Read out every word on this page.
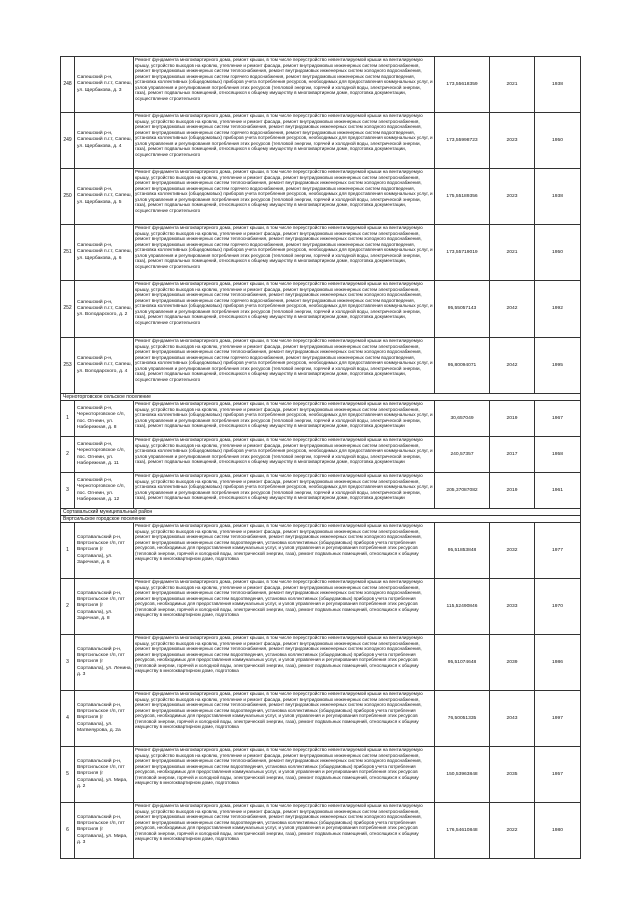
248	Сапешский р-н, Сапешский п.г.т, Сапеш, ул. Щербакова, д. 3	Ремонт фундамента многоквартирного дома, ремонт крыши, в том числе переустройство невентилируемой крыши на вентилируемую крышу, устройство выходов на кровлю, утепление и ремонт фасада, ремонт внутридомовых инженерных систем электроснабжения, ремонт внутридомовых инженерных систем теплоснабжения, ремонт внутридомовых инженерных систем холодного водоснабжения, ремонт внутридомовых инженерных систем горячего водоснабжения, ремонт внутридомовых инженерных систем водоотведения, установка коллективных (общедомовых) приборов учета потребления ресурсов, необходимых для предоставления коммунальных услуг, и узлов управления и регулирования потребления этих ресурсов (тепловой энергии, горячей и холодной воды, электрической энергии, газа), ремонт подвальных помещений, относящихся к общему имуществу в многоквартирном доме, подготовка документации, осуществление строительного	173,55618359	2021	1938
249	Сапешский р-н, Сапешский п.г.т, Сапеш, ул. Щербакова, д. 4	Ремонт фундамента многоквартирного дома, ремонт крыши, в том числе переустройство невентилируемой крыши на вентилируемую крышу, устройство выходов на кровлю, утепление и ремонт фасада, ремонт внутридомовых инженерных систем электроснабжения, ремонт внутридомовых инженерных систем теплоснабжения, ремонт внутридомовых инженерных систем холодного водоснабжения, ремонт внутридомовых инженерных систем горячего водоснабжения, ремонт внутридомовых инженерных систем водоотведения, установка коллективных (общедомовых) приборов учета потребления ресурсов, необходимых для предоставления коммунальных услуг, и узлов управления и регулирования потребления этих ресурсов (тепловой энергии, горячей и холодной воды, электрической энергии, газа), ремонт подвальных помещений, относящихся к общему имуществу в многоквартирном доме, подготовка документации, осуществление строительного	173,55998723	2023	1950
250	Сапешский р-н, Сапешский п.г.т, Сапеш, ул. Щербакова, д. 5	Ремонт фундамента многоквартирного дома, ремонт крыши, в том числе переустройство невентилируемой крыши на вентилируемую крышу, устройство выходов на кровлю, утепление и ремонт фасада, ремонт внутридомовых инженерных систем электроснабжения, ремонт внутридомовых инженерных систем теплоснабжения, ремонт внутридомовых инженерных систем холодного водоснабжения, ремонт внутридомовых инженерных систем горячего водоснабжения, ремонт внутридомовых инженерных систем водоотведения, установка коллективных (общедомовых) приборов учета потребления ресурсов, необходимых для предоставления коммунальных услуг, и узлов управления и регулирования потребления этих ресурсов (тепловой энергии, горячей и холодной воды, электрической энергии, газа), ремонт подвальных помещений, относящихся к общему имуществу в многоквартирном доме, подготовка документации, осуществление строительного	175,55189356	2023	1938
251	Сапешский р-н, Сапешский п.г.т, Сапеш, ул. Щербакова, д. 6	Ремонт фундамента многоквартирного дома, ремонт крыши, в том числе переустройство невентилируемой крыши на вентилируемую крышу, устройство выходов на кровлю, утепление и ремонт фасада, ремонт внутридомовых инженерных систем электроснабжения, ремонт внутридомовых инженерных систем теплоснабжения, ремонт внутридомовых инженерных систем холодного водоснабжения, ремонт внутридомовых инженерных систем горячего водоснабжения, ремонт внутридомовых инженерных систем водоотведения, установка коллективных (общедомовых) приборов учета потребления ресурсов, необходимых для предоставления коммунальных услуг, и узлов управления и регулирования потребления этих ресурсов (тепловой энергии, горячей и холодной воды, электрической энергии, газа), ремонт подвальных помещений, относящихся к общему имуществу в многоквартирном доме, подготовка документации, осуществление строительного	173,55719019	2021	1950
252	Сапешский р-н, Сапешский п.г.т, Сапеш, ул. Володарского, д. 2	Ремонт фундамента многоквартирного дома, ремонт крыши, в том числе переустройство невентилируемой крыши на вентилируемую крышу, устройство выходов на кровлю, утепление и ремонт фасада, ремонт внутридомовых инженерных систем электроснабжения, ремонт внутридомовых инженерных систем теплоснабжения, ремонт внутридомовых инженерных систем холодного водоснабжения, ремонт внутридомовых инженерных систем горячего водоснабжения, ремонт внутридомовых инженерных систем водоотведения, установка коллективных (общедомовых) приборов учета потребления ресурсов, необходимых для предоставления коммунальных услуг, и узлов управления и регулирования потребления этих ресурсов (тепловой энергии, горячей и холодной воды, электрической энергии, газа), ремонт подвальных помещений, относящихся к общему имуществу в многоквартирном доме, подготовка документации, осуществление строительного	95,55057143	2042	1992
253	Сапешский р-н, Сапешский п.г.т, Сапеш, ул. Володарского, д. 4	Ремонт фундамента многоквартирного дома, ремонт крыши, в том числе переустройство невентилируемой крыши на вентилируемую крышу, устройство выходов на кровлю, утепление и ремонт фасада, ремонт внутридомовых инженерных систем электроснабжения, ремонт внутридомовых инженерных систем теплоснабжения, ремонт внутридомовых инженерных систем холодного водоснабжения, ремонт внутридомовых инженерных систем горячего водоснабжения, ремонт внутридомовых инженерных систем водоотведения, установка коллективных (общедомовых) приборов учета потребления ресурсов, необходимых для предоставления коммунальных услуг, и узлов управления и регулирования потребления этих ресурсов (тепловой энергии, горячей и холодной воды, электрической энергии, газа), ремонт подвальных помещений, относящихся к общему имуществу в многоквартирном доме, подготовка документации, осуществление строительного	95,80094071	2042	1995
Черноторговское сельское поселение					
1	Сапешский р-н, Черноторговское с/п, пос. Огнеин, ул. Набережная, д. 8	Ремонт фундамента многоквартирного дома, ремонт крыши, в том числе переустройство невентилируемой крыши на вентилируемую крышу, устройство выходов на кровлю, утепление и ремонт фасада, ремонт внутридомовых инженерных систем электроснабжения, установка коллективных (общедомовых) приборов учета потребления ресурсов, необходимых для предоставления коммунальных услуг, и узлов управления и регулирования потребления этих ресурсов (тепловой энергии, горячей и холодной воды, электрической энергии, газа), ремонт подвальных помещений, относящихся к общему имуществу в многоквартирном доме, подготовка документации	30,657049	2019	1967
2	Сапешский р-н, Черноторговское с/п, пос. Огнеин, ул. Набережная, д. 11	Ремонт фундамента многоквартирного дома, ремонт крыши, в том числе переустройство невентилируемой крыши на вентилируемую крышу, устройство выходов на кровлю, утепление и ремонт фасада, ремонт внутридомовых инженерных систем электроснабжения, установка коллективных (общедомовых) приборов учета потребления ресурсов, необходимых для предоставления коммунальных услуг, и узлов управления и регулирования потребления этих ресурсов (тепловой энергии, горячей и холодной воды, электрической энергии, газа), ремонт подвальных помещений, относящихся к общему имуществу в многоквартирном доме, подготовка документации	240,57357	2017	1958
3	Сапешский р-н, Черноторговское с/п, пос. Огнеин, ул. Набережная, д. 12	Ремонт фундамента многоквартирного дома, ремонт крыши, в том числе переустройство невентилируемой крыши на вентилируемую крышу, устройство выходов на кровлю, утепление и ремонт фасада, ремонт внутридомовых инженерных систем электроснабжения, установка коллективных (общедомовых) приборов учета потребления ресурсов, необходимых для предоставления коммунальных услуг, и узлов управления и регулирования потребления этих ресурсов (тепловой энергии, горячей и холодной воды, электрической энергии, газа), ремонт подвальных помещений, относящихся к общему имуществу в многоквартирном доме, подготовка документации	205,37087082	2019	1961
Сортавальский муниципальный район					
Вяртсильское городское поселение					
1	Сортавальский р-н, Вяртсильское г/п, пгт Вяртсиля (г Сортавала), ул. Заречная, д. 6	Ремонт фундамента многоквартирного дома, ремонт крыши, в том числе переустройство невентилируемой крыши на вентилируемую крышу, устройство выходов на кровлю, утепление и ремонт фасада, ремонт внутридомовых инженерных систем электроснабжения, ремонт внутридомовых инженерных систем теплоснабжения, ремонт внутридомовых инженерных систем холодного водоснабжения, ремонт внутридомовых инженерных систем водоотведения, установка коллективных (общедомовых) приборов учета потребления ресурсов, необходимых для предоставления коммунальных услуг, и узлов управления и регулирования потребления этих ресурсов (тепловой энергии, горячей и холодной воды, электрической энергии, газа), ремонт подвальных помещений, относящихся к общему имуществу в многоквартирном доме, подготовка	95,51853848	2032	1977
2	Сортавальский р-н, Вяртсильское г/п, пгт Вяртсиля (г Сортавала), ул. Заречная, д. 8	Ремонт фундамента многоквартирного дома, ремонт крыши, в том числе переустройство невентилируемой крыши на вентилируемую крышу, устройство выходов на кровлю, утепление и ремонт фасада, ремонт внутридомовых инженерных систем электроснабжения, ремонт внутридомовых инженерных систем теплоснабжения, ремонт внутридомовых инженерных систем холодного водоснабжения, ремонт внутридомовых инженерных систем водоотведения, установка коллективных (общедомовых) приборов учета потребления ресурсов, необходимых для предоставления коммунальных услуг, и узлов управления и регулирования потребления этих ресурсов (тепловой энергии, горячей и холодной воды, электрической энергии, газа), ремонт подвальных помещений, относящихся к общему имуществу в многоквартирном доме, подготовка	115,52490846	2033	1970
3	Сортавальский р-н, Вяртсильское г/п, пгт Вяртсиля (г Сортавала), ул. Ленина, д. 3	Ремонт фундамента многоквартирного дома, ремонт крыши, в том числе переустройство невентилируемой крыши на вентилируемую крышу, устройство выходов на кровлю, утепление и ремонт фасада, ремонт внутридомовых инженерных систем электроснабжения, ремонт внутридомовых инженерных систем теплоснабжения, ремонт внутридомовых инженерных систем холодного водоснабжения, ремонт внутридомовых инженерных систем водоотведения, установка коллективных (общедомовых) приборов учета потребления ресурсов, необходимых для предоставления коммунальных услуг, и узлов управления и регулирования потребления этих ресурсов (тепловой энергии, горячей и холодной воды, электрической энергии, газа), ремонт подвальных помещений, относящихся к общему имуществу в многоквартирном доме, подготовка	95,51074648	2039	1986
4	Сортавальский р-н, Вяртсильское г/п, пгт Вяртсиля (г Сортавала), ул. Матвеяурова, д. 2а	Ремонт фундамента многоквартирного дома, ремонт крыши, в том числе переустройство невентилируемой крыши на вентилируемую крышу, устройство выходов на кровлю, утепление и ремонт фасада, ремонт внутридомовых инженерных систем электроснабжения, ремонт внутридомовых инженерных систем теплоснабжения, ремонт внутридомовых инженерных систем холодного водоснабжения, ремонт внутридомовых инженерных систем водоотведения, установка коллективных (общедомовых) приборов учета потребления ресурсов, необходимых для предоставления коммунальных услуг, и узлов управления и регулирования потребления этих ресурсов (тепловой энергии, горячей и холодной воды, электрической энергии, газа), ремонт подвальных помещений, относящихся к общему имуществу в многоквартирном доме, подготовка	76,50051335	2043	1997
5	Сортавальский р-н, Вяртсильское г/п, пгт Вяртсиля (г Сортавала), ул. Мира, д. 2	Ремонт фундамента многоквартирного дома, ремонт крыши, в том числе переустройство невентилируемой крыши на вентилируемую крышу, устройство выходов на кровлю, утепление и ремонт фасада, ремонт внутридомовых инженерных систем электроснабжения, ремонт внутридомовых инженерных систем теплоснабжения, ремонт внутридомовых инженерных систем холодного водоснабжения, ремонт внутридомовых инженерных систем водоотведения, установка коллективных (общедомовых) приборов учета потребления ресурсов, необходимых для предоставления коммунальных услуг, и узлов управления и регулирования потребления этих ресурсов (тепловой энергии, горячей и холодной воды, электрической энергии, газа), ремонт подвальных помещений, относящихся к общему имуществу в многоквартирном доме, подготовка	150,53963848	2035	1957
6	Сортавальский р-н, Вяртсильское г/п, пгт Вяртсиля (г Сортавала), ул. Мира, д. 3	Ремонт фундамента многоквартирного дома, ремонт крыши, в том числе переустройство невентилируемой крыши на вентилируемую крышу, устройство выходов на кровлю, утепление и ремонт фасада, ремонт внутридомовых инженерных систем электроснабжения, ремонт внутридомовых инженерных систем теплоснабжения, ремонт внутридомовых инженерных систем холодного водоснабжения, ремонт внутридомовых инженерных систем водоотведения, установка коллективных (общедомовых) приборов учета потребления ресурсов, необходимых для предоставления коммунальных услуг, и узлов управления и регулирования потребления этих ресурсов (тепловой энергии, горячей и холодной воды, электрической энергии, газа), ремонт подвальных помещений, относящихся к общему имуществу в многоквартирном доме, подготовка	176,54610848	2022	1980
